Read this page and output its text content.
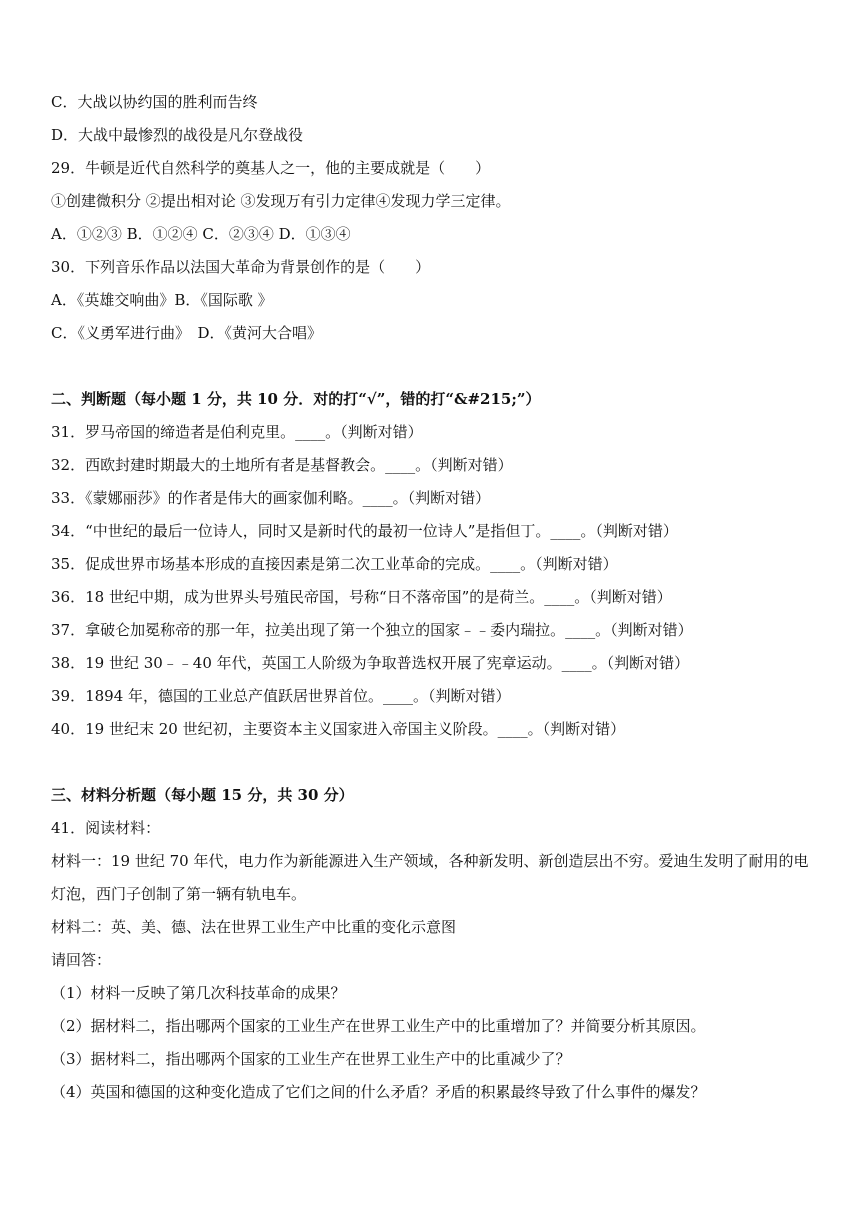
C．大战以协约国的胜利而告终
D．大战中最惨烈的战役是凡尔登战役
29．牛顿是近代自然科学的奠基人之一，他的主要成就是（　　）
①创建微积分 ②提出相对论 ③发现万有引力定律④发现力学三定律。
A．①②③ B．①②④ C．②③④ D．①③④
30．下列音乐作品以法国大革命为背景创作的是（　　）
A．《英雄交响曲》B．《国际歌 》
C．《义勇军进行曲》　D．《黄河大合唱》
二、判断题（每小题 1 分，共 10 分．对的打“√”，错的打“&#215;”）
31．罗马帝国的缔造者是伯利克里。____。（判断对错）
32．西欧封建时期最大的土地所有者是基督教会。____。（判断对错）
33．《蒙娜丽莎》的作者是伟大的画家伽利略。____。（判断对错）
34．“中世纪的最后一位诗人，同时又是新时代的最初一位诗人”是指但丁。____。（判断对错）
35．促成世界市场基本形成的直接因素是第二次工业革命的完成。____。（判断对错）
36．18 世纪中期，成为世界头号殖民帝国，号称“日不落帝国”的是荷兰。____。（判断对错）
37．拿破仑加冕称帝的那一年，拉美出现了第一个独立的国家﹣﹣委内瑞拉。____。（判断对错）
38．19 世纪 30﹣﹣40 年代，英国工人阶级为争取普选权开展了宪章运动。____。（判断对错）
39．1894 年，德国的工业总产值跃居世界首位。____。（判断对错）
40．19 世纪末 20 世纪初，主要资本主义国家进入帝国主义阶段。____。（判断对错）
三、材料分析题（每小题 15 分，共 30 分）
41．阅读材料：
材料一：19 世纪 70 年代，电力作为新能源进入生产领域，各种新发明、新创造层出不穷。爱迪生发明了耐用的电灯泡，西门子创制了第一辆有轨电车。
材料二：英、美、德、法在世界工业生产中比重的变化示意图
请回答：
（1）材料一反映了第几次科技革命的成果？
（2）据材料二，指出哪两个国家的工业生产在世界工业生产中的比重增加了？并简要分析其原因。
（3）据材料二，指出哪两个国家的工业生产在世界工业生产中的比重减少了？
（4）英国和德国的这种变化造成了它们之间的什么矛盾？矛盾的积累最终导致了什么事件的爆发？
